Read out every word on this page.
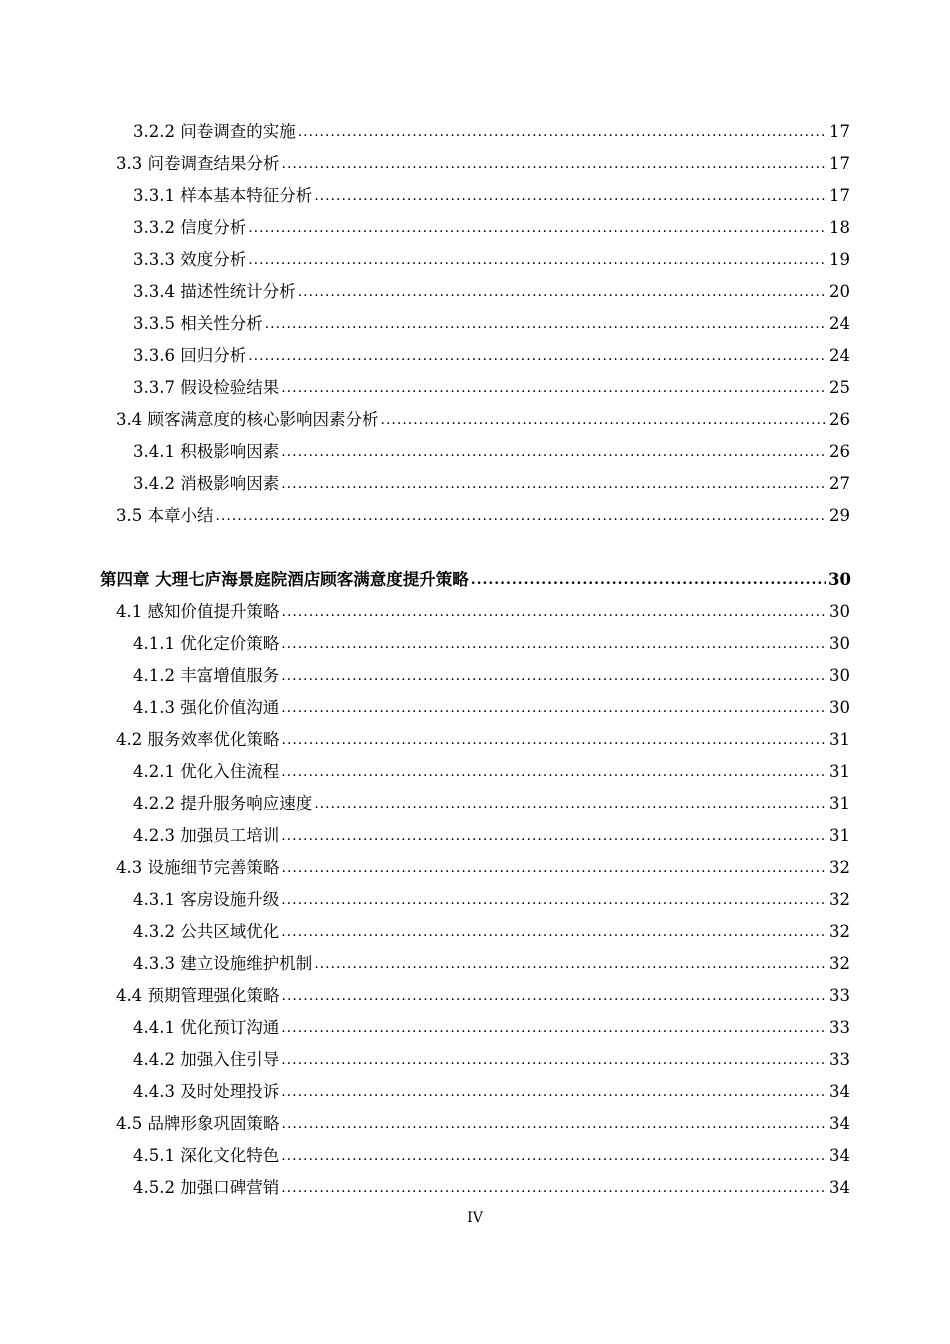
3.2.2 问卷调查的实施 .....	17
3.3 问卷调查结果分析 .....	17
3.3.1 样本基本特征分析 .....	17
3.3.2 信度分析 .....	18
3.3.3 效度分析 .....	19
3.3.4 描述性统计分析 .....	20
3.3.5 相关性分析 .....	24
3.3.6 回归分析 .....	24
3.3.7 假设检验结果 .....	25
3.4 顾客满意度的核心影响因素分析 .....	26
3.4.1 积极影响因素 .....	26
3.4.2 消极影响因素 .....	27
3.5 本章小结 .....	29
第四章 大理七庐海景庭院酒店顾客满意度提升策略 .....	30
4.1 感知价值提升策略 .....	30
4.1.1 优化定价策略 .....	30
4.1.2 丰富增值服务 .....	30
4.1.3 强化价值沟通 .....	30
4.2 服务效率优化策略 .....	31
4.2.1 优化入住流程 .....	31
4.2.2 提升服务响应速度 .....	31
4.2.3 加强员工培训 .....	31
4.3 设施细节完善策略 .....	32
4.3.1 客房设施升级 .....	32
4.3.2 公共区域优化 .....	32
4.3.3 建立设施维护机制 .....	32
4.4 预期管理强化策略 .....	33
4.4.1 优化预订沟通 .....	33
4.4.2 加强入住引导 .....	33
4.4.3 及时处理投诉 .....	34
4.5 品牌形象巩固策略 .....	34
4.5.1 深化文化特色 .....	34
4.5.2 加强口碑营销 .....	34
IV
